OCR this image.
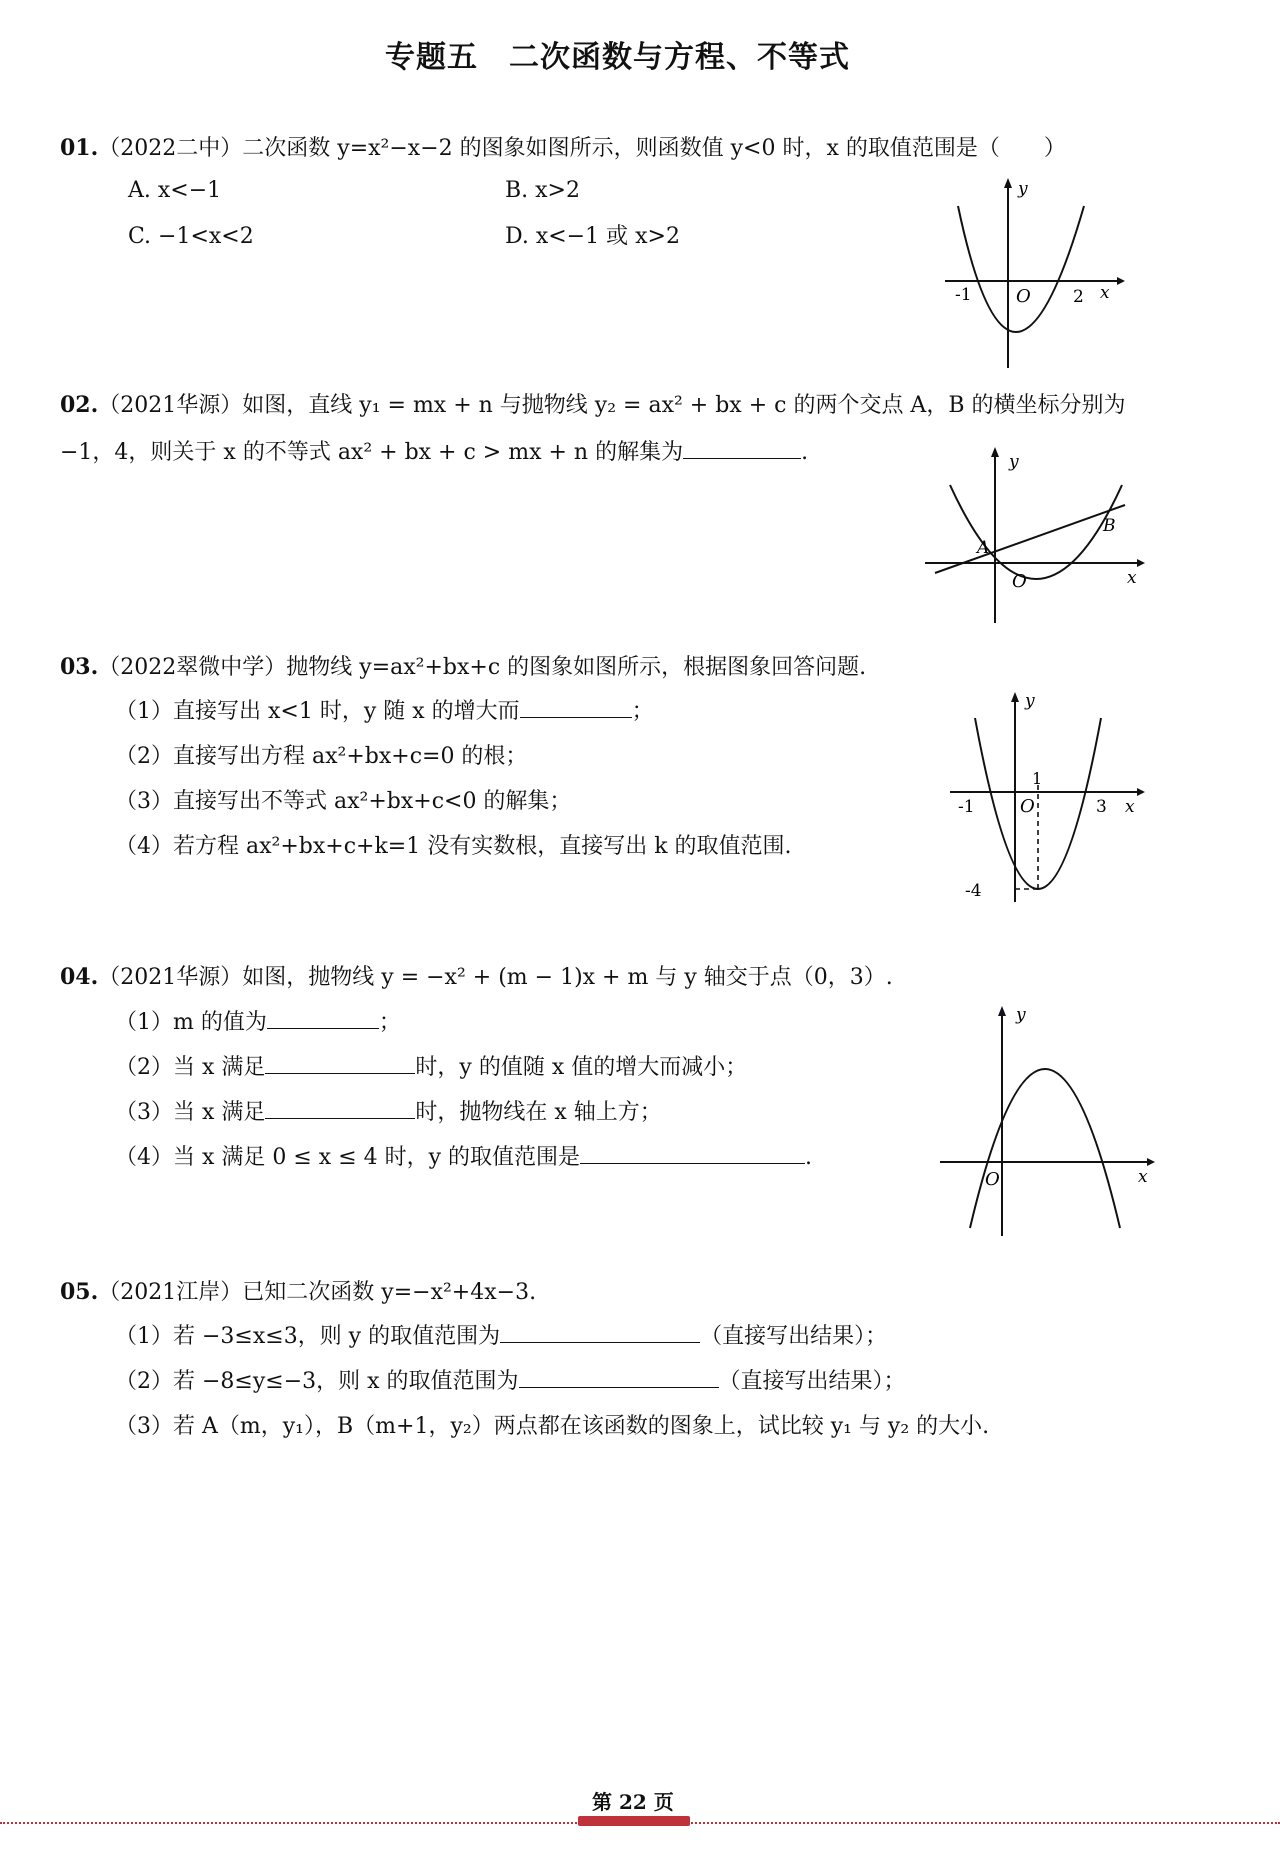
专题五　二次函数与方程、不等式
01.（2022二中）二次函数 y=x²−x−2 的图象如图所示，则函数值 y<0 时，x 的取值范围是（　　）
A. x<−1	B. x>2
C. −1<x<2	D. x<−1 或 x>2
-1 O 2 x
y
02.（2021华源）如图，直线 y₁ = mx + n 与抛物线 y₂ = ax² + bx + c 的两个交点 A，B 的横坐标分别为
−1，4，则关于 x 的不等式 ax² + bx + c > mx + n 的解集为	.
A
B
O	x
y
03.（2022翠微中学）抛物线 y=ax²+bx+c 的图象如图所示，根据图象回答问题.
（1）直接写出 x<1 时，y 随 x 的增大而	；
（2）直接写出方程 ax²+bx+c=0 的根；
（3）直接写出不等式 ax²+bx+c<0 的解集；
（4）若方程 ax²+bx+c+k=1 没有实数根，直接写出 k 的取值范围.
1
-1	O	3 x
y
-4
04.（2021华源）如图，抛物线 y = −x² + (m − 1)x + m 与 y 轴交于点（0，3）.
（1）m 的值为	；
（2）当 x 满足	时，y 的值随 x 值的增大而减小；
（3）当 x 满足	时，抛物线在 x 轴上方；
（4）当 x 满足 0 ≤ x ≤ 4 时，y 的取值范围是	.
O	x
y
05.（2021江岸）已知二次函数 y=−x²+4x−3.
（1）若 −3≤x≤3，则 y 的取值范围为	（直接写出结果）；
（2）若 −8≤y≤−3，则 x 的取值范围为	（直接写出结果）；
（3）若 A（m，y₁），B（m+1，y₂）两点都在该函数的图象上，试比较 y₁ 与 y₂ 的大小.
第 22 页
